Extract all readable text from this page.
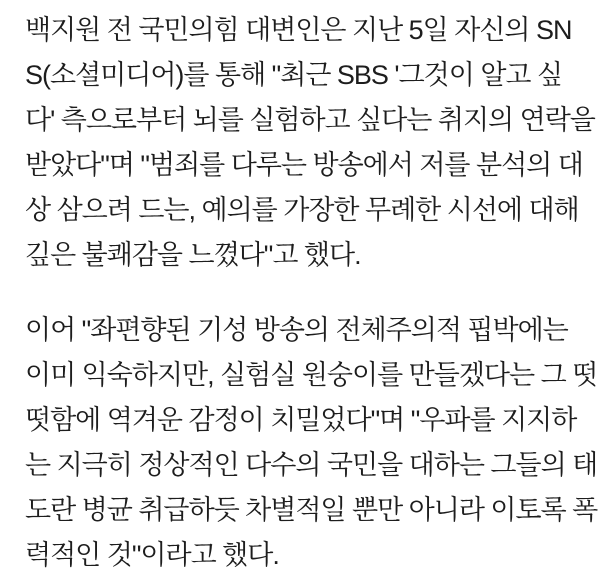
백지원 전 국민의힘 대변인은 지난 5일 자신의 SN
S(소셜미디어)를 통해 "최근 SBS '그것이 알고 싶
다' 측으로부터 뇌를 실험하고 싶다는 취지의 연락을
받았다"며 "범죄를 다루는 방송에서 저를 분석의 대
상 삼으려 드는, 예의를 가장한 무례한 시선에 대해
깊은 불쾌감을 느꼈다"고 했다.
이어 "좌편향된 기성 방송의 전체주의적 핍박에는
이미 익숙하지만, 실험실 원숭이를 만들겠다는 그 떳
떳함에 역겨운 감정이 치밀었다"며 "우파를 지지하
는 지극히 정상적인 다수의 국민을 대하는 그들의 태
도란 병균 취급하듯 차별적일 뿐만 아니라 이토록 폭
력적인 것"이라고 했다.
